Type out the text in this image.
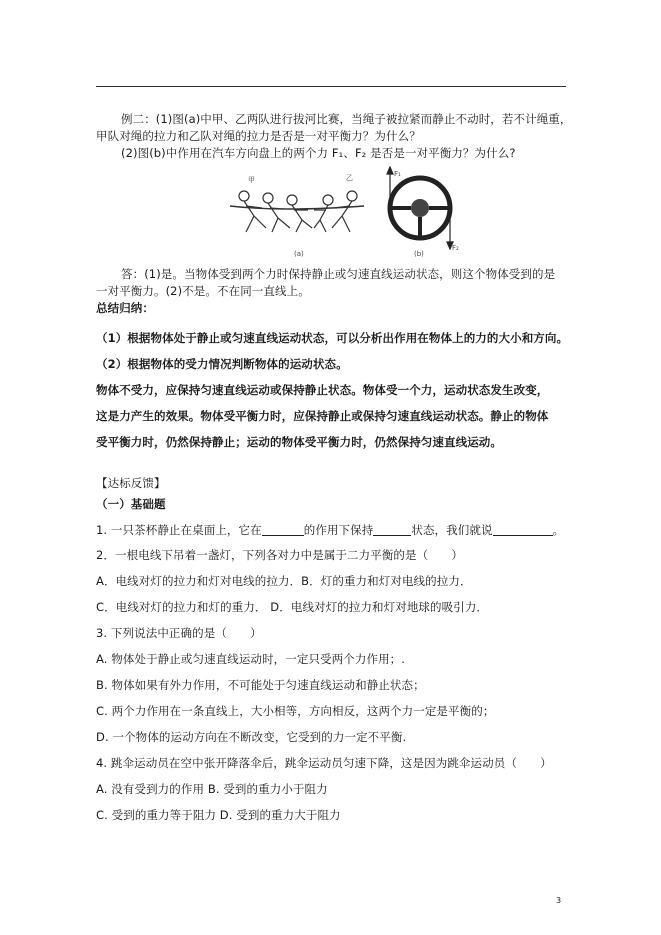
例二：(1)图(a)中甲、乙两队进行拔河比赛，当绳子被拉紧而静止不动时，若不计绳重，
甲队对绳的拉力和乙队对绳的拉力是否是一对平衡力？为什么？
(2)图(b)中作用在汽车方向盘上的两个力 F₁、F₂ 是否是一对平衡力？为什么?
甲	乙
(a)
F₁
F₂
(b)
答：(1)是。当物体受到两个力时保持静止或匀速直线运动状态，则这个物体受到的是
一对平衡力。(2)不是。不在同一直线上。
总结归纳：
（1）根据物体处于静止或匀速直线运动状态，可以分析出作用在物体上的力的大小和方向。
（2）根据物体的受力情况判断物体的运动状态。
物体不受力，应保持匀速直线运动或保持静止状态。物体受一个力，运动状态发生改变，
这是力产生的效果。物体受平衡力时，应保持静止或保持匀速直线运动状态。静止的物体
受平衡力时，仍然保持静止；运动的物体受平衡力时，仍然保持匀速直线运动。
【达标反馈】
（一）基础题
1. 一只茶杯静止在桌面上，它在	的作用下保持	状态，我们就说	。
2．一根电线下吊着一盏灯，下列各对力中是属于二力平衡的是（　　）
A．电线对灯的拉力和灯对电线的拉力．B．灯的重力和灯对电线的拉力．
C．电线对灯的拉力和灯的重力． D．电线对灯的拉力和灯对地球的吸引力．
3. 下列说法中正确的是（　　）
A. 物体处于静止或匀速直线运动时，一定只受两个力作用；.
B. 物体如果有外力作用，不可能处于匀速直线运动和静止状态；
C. 两个力作用在一条直线上，大小相等，方向相反，这两个力一定是平衡的；
D. 一个物体的运动方向在不断改变，它受到的力一定不平衡.
4. 跳伞运动员在空中张开降落伞后，跳伞运动员匀速下降，这是因为跳伞运动员（　　）
A. 没有受到力的作用 B. 受到的重力小于阻力
C. 受到的重力等于阻力 D. 受到的重力大于阻力
3
